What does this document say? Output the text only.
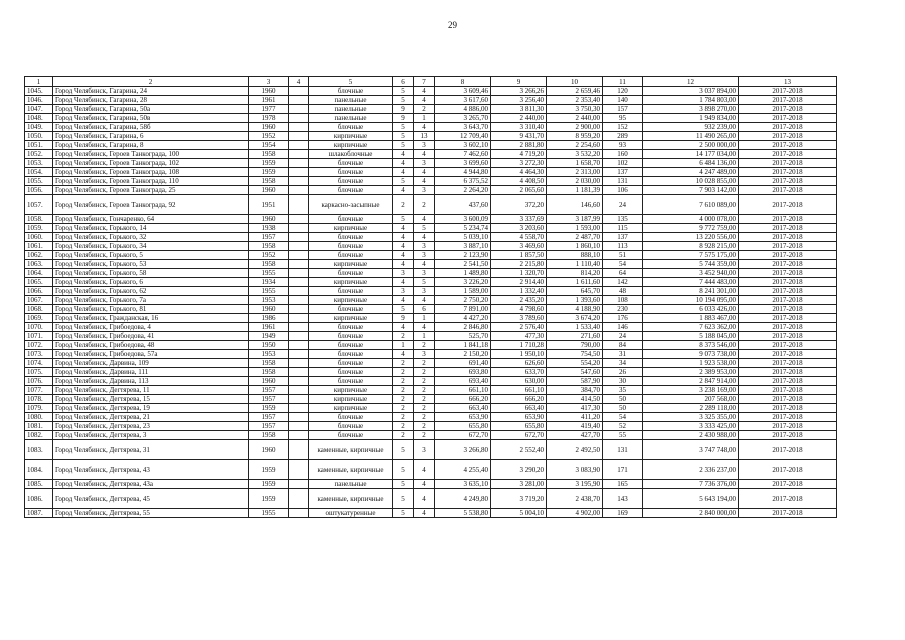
29
1	2	3	4	5	6	7	8	9	10	11	12	13
1045.	Город Челябинск, Гагарина, 24	1960		блочные	5	4	3 609,46	3 266,26	2 659,46	120	3 037 894,00	2017-2018
1046.	Город Челябинск, Гагарина, 28	1961		панельные	5	4	3 617,60	3 256,40	2 353,40	140	1 784 803,00	2017-2018
1047.	Город Челябинск, Гагарина, 50а	1977		панельные	9	2	4 886,00	3 811,30	3 750,30	157	3 898 270,00	2017-2018
1048.	Город Челябинск, Гагарина, 50в	1978		панельные	9	1	3 265,70	2 440,00	2 440,00	95	1 949 834,00	2017-2018
1049.	Город Челябинск, Гагарина, 58б	1960		блочные	5	4	3 643,70	3 310,40	2 900,00	152	932 239,00	2017-2018
1050.	Город Челябинск, Гагарина, 6	1952		кирпичные	5	13	12 709,40	9 431,70	8 959,20	289	11 490 265,00	2017-2018
1051.	Город Челябинск, Гагарина, 8	1954		кирпичные	5	3	3 602,10	2 881,80	2 254,60	93	2 500 000,00	2017-2018
1052.	Город Челябинск, Героев Танкограда, 100	1958		шлакоблочные	4	4	7 462,60	4 719,20	3 532,20	160	14 177 034,00	2017-2018
1053.	Город Челябинск, Героев Танкограда, 102	1959		блочные	4	3	3 699,60	3 272,30	1 658,70	102	6 484 136,00	2017-2018
1054.	Город Челябинск, Героев Танкограда, 108	1959		блочные	4	4	4 944,80	4 464,30	2 313,00	137	4 247 489,00	2017-2018
1055.	Город Челябинск, Героев Танкограда, 110	1958		блочные	5	4	6 375,52	4 408,50	2 030,00	131	10 028 855,00	2017-2018
1056.	Город Челябинск, Героев Танкограда, 25	1960		блочные	4	3	2 264,20	2 065,60	1 181,39	106	7 903 142,00	2017-2018
1057.	Город Челябинск, Героев Танкограда, 92	1951		каркасно-засыпные	2	2	437,60	372,20	146,60	24	7 610 089,00	2017-2018
1058.	Город Челябинск, Гончаренко, 64	1960		блочные	5	4	3 600,09	3 337,69	3 187,99	135	4 000 078,00	2017-2018
1059.	Город Челябинск, Горького, 14	1938		кирпичные	4	5	5 234,74	3 203,60	1 593,00	115	9 772 759,00	2017-2018
1060.	Город Челябинск, Горького, 32	1957		блочные	4	4	5 039,10	4 558,70	2 487,70	137	13 220 556,00	2017-2018
1061.	Город Челябинск, Горького, 34	1958		блочные	4	3	3 887,10	3 469,60	1 860,10	113	8 928 215,00	2017-2018
1062.	Город Челябинск, Горького, 5	1952		блочные	4	3	2 123,90	1 857,50	888,10	51	7 575 175,00	2017-2018
1063.	Город Челябинск, Горького, 53	1958		кирпичные	4	4	2 541,50	2 215,80	1 110,40	54	5 744 359,00	2017-2018
1064.	Город Челябинск, Горького, 58	1955		блочные	3	3	1 489,80	1 320,70	814,20	64	3 452 940,00	2017-2018
1065.	Город Челябинск, Горького, 6	1934		кирпичные	4	5	3 226,20	2 914,40	1 611,60	142	7 444 483,00	2017-2018
1066.	Город Челябинск, Горького, 62	1955		блочные	3	3	1 589,00	1 332,40	645,70	48	8 241 301,00	2017-2018
1067.	Город Челябинск, Горького, 7а	1953		кирпичные	4	4	2 750,20	2 435,20	1 393,60	108	10 194 095,00	2017-2018
1068.	Город Челябинск, Горького, 81	1960		блочные	5	6	7 891,00	4 798,60	4 188,90	230	6 033 426,00	2017-2018
1069.	Город Челябинск, Гражданская, 16	1986		кирпичные	9	1	4 427,20	3 789,60	3 674,20	176	1 883 467,00	2017-2018
1070.	Город Челябинск, Грибоедова, 4	1961		блочные	4	4	2 846,80	2 576,40	1 533,40	146	7 623 362,00	2017-2018
1071.	Город Челябинск, Грибоедова, 41	1949		блочные	2	1	525,70	477,30	271,60	24	5 188 045,00	2017-2018
1072.	Город Челябинск, Грибоедова, 48	1950		блочные	1	2	1 841,18	1 710,28	790,00	84	8 373 546,00	2017-2018
1073.	Город Челябинск, Грибоедова, 57а	1953		блочные	4	3	2 150,20	1 950,10	754,50	31	9 073 738,00	2017-2018
1074.	Город Челябинск, Дарвина, 109	1958		блочные	2	2	691,40	626,60	554,20	34	1 923 538,00	2017-2018
1075.	Город Челябинск, Дарвина, 111	1958		блочные	2	2	693,80	633,70	547,60	26	2 389 953,00	2017-2018
1076.	Город Челябинск, Дарвина, 113	1960		блочные	2	2	693,40	630,00	587,90	30	2 847 914,00	2017-2018
1077.	Город Челябинск, Дегтярева, 11	1957		кирпичные	2	2	661,10	661,10	384,70	35	3 238 169,00	2017-2018
1078.	Город Челябинск, Дегтярева, 15	1957		кирпичные	2	2	666,20	666,20	414,50	50	207 568,00	2017-2018
1079.	Город Челябинск, Дегтярева, 19	1959		кирпичные	2	2	663,40	663,40	417,30	50	2 289 118,00	2017-2018
1080.	Город Челябинск, Дегтярева, 21	1957		блочные	2	2	653,90	653,90	411,20	54	3 325 355,00	2017-2018
1081.	Город Челябинск, Дегтярева, 23	1957		блочные	2	2	655,80	655,80	419,40	52	3 333 425,00	2017-2018
1082.	Город Челябинск, Дегтярева, 3	1958		блочные	2	2	672,70	672,70	427,70	55	2 430 988,00	2017-2018
1083.	Город Челябинск, Дегтярева, 31	1960		каменные, кирпичные	5	3	3 266,80	2 552,40	2 492,50	131	3 747 748,00	2017-2018
1084.	Город Челябинск, Дегтярева, 43	1959		каменные, кирпичные	5	4	4 255,40	3 290,20	3 083,90	171	2 336 237,00	2017-2018
1085.	Город Челябинск, Дегтярева, 43а	1959		панельные	5	4	3 635,10	3 281,00	3 195,90	165	7 736 376,00	2017-2018
1086.	Город Челябинск, Дегтярева, 45	1959		каменные, кирпичные	5	4	4 249,80	3 719,20	2 438,70	143	5 643 194,00	2017-2018
1087.	Город Челябинск, Дегтярева, 55	1955		оштукатуренные	5	4	5 538,80	5 004,10	4 902,00	169	2 840 000,00	2017-2018
